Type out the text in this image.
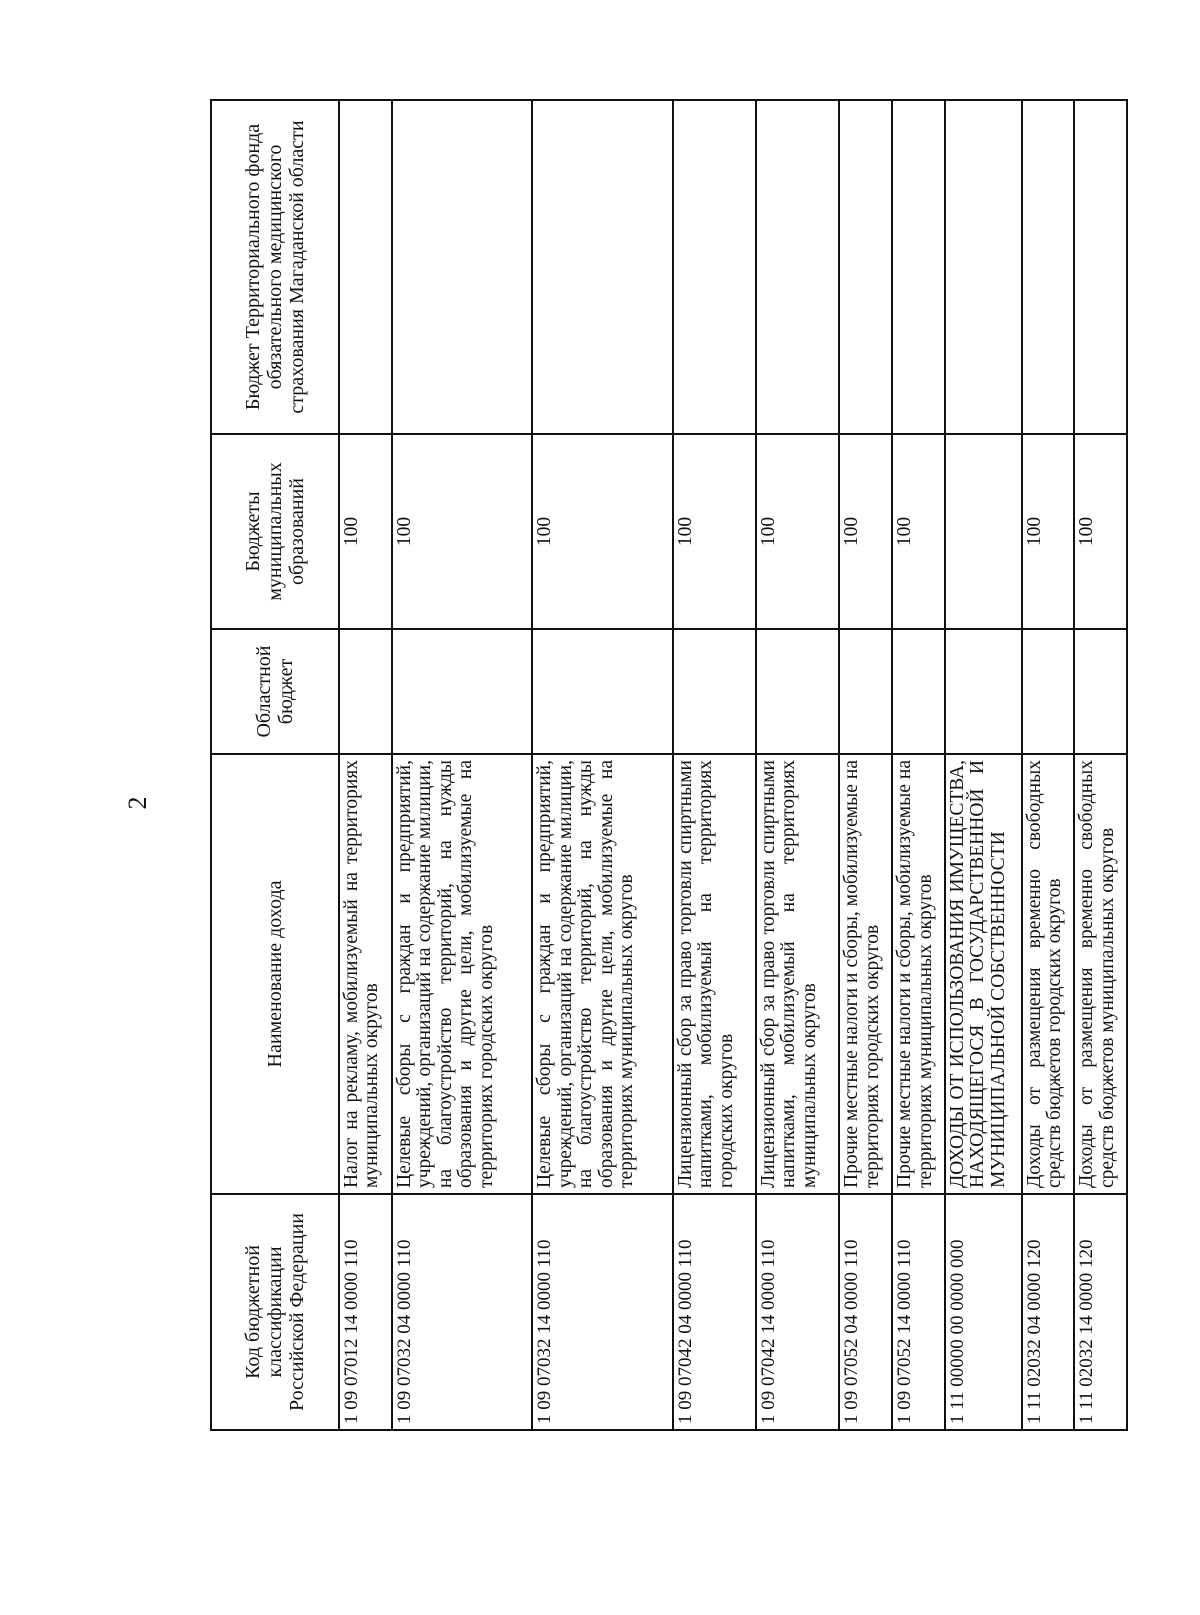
2
Код бюджетной классификации Российской Федерации	Наименование дохода	Областной бюджет	Бюджеты муниципальных образований	Бюджет Территориального фонда обязательного медицинского страхования Магаданской области
1 09 07012 14 0000 110	Налог на рекламу, мобилизуемый на территориях муниципальных округов		100	
1 09 07032 04 0000 110	Целевые сборы с граждан и предприятий, учреждений, организаций на содержание милиции, на благоустройство территорий, на нужды образования и другие цели, мобилизуемые на территориях городских округов		100	
1 09 07032 14 0000 110	Целевые сборы с граждан и предприятий, учреждений, организаций на содержание милиции, на благоустройство территорий, на нужды образования и другие цели, мобилизуемые на территориях муниципальных округов		100	
1 09 07042 04 0000 110	Лицензионный сбор за право торговли спиртными напитками, мобилизуемый на территориях городских округов		100	
1 09 07042 14 0000 110	Лицензионный сбор за право торговли спиртными напитками, мобилизуемый на территориях муниципальных округов		100	
1 09 07052 04 0000 110	Прочие местные налоги и сборы, мобилизуемые на территориях городских округов		100	
1 09 07052 14 0000 110	Прочие местные налоги и сборы, мобилизуемые на территориях муниципальных округов		100	
1 11 00000 00 0000 000	ДОХОДЫ ОТ ИСПОЛЬЗОВАНИЯ ИМУЩЕСТВА, НАХОДЯЩЕГОСЯ В ГОСУДАРСТВЕННОЙ И МУНИЦИПАЛЬНОЙ СОБСТВЕННОСТИ			
1 11 02032 04 0000 120	Доходы от размещения временно свободных средств бюджетов городских округов		100	
1 11 02032 14 0000 120	Доходы от размещения временно свободных средств бюджетов муниципальных округов		100	
